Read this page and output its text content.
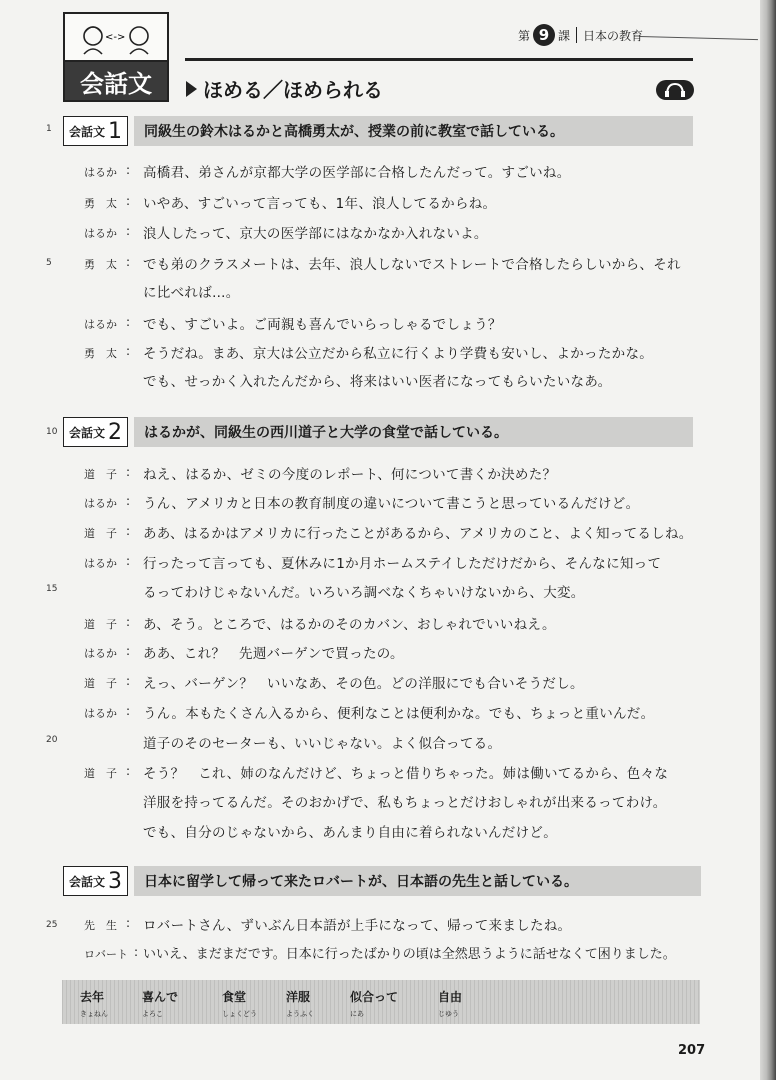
<->
会話文
第 9 課 日本の教育
ほめる／ほめられる
1 会話文 1	同級生の鈴木はるかと高橋勇太が、授業の前に教室で話している。
はるか : 高橋君、弟さんが京都大学の医学部に合格したんだって。すごいね。
勇　太 : いやあ、すごいって言っても、1年、浪人してるからね。
はるか : 浪人したって、京大の医学部にはなかなか入れないよ。
5	勇　太 : でも弟のクラスメートは、去年、浪人しないでストレートで合格したらしいから、それ
に比べれば…。
はるか : でも、すごいよ。ご両親も喜んでいらっしゃるでしょう？
勇　太 : そうだね。まあ、京大は公立だから私立に行くより学費も安いし、よかったかな。
でも、せっかく入れたんだから、将来はいい医者になってもらいたいなあ。
10 会話文 2	はるかが、同級生の西川道子と大学の食堂で話している。
道　子 : ねえ、はるか、ゼミの今度のレポート、何について書くか決めた？
はるか : うん、アメリカと日本の教育制度の違いについて書こうと思っているんだけど。
道　子 : ああ、はるかはアメリカに行ったことがあるから、アメリカのこと、よく知ってるしね。
はるか : 行ったって言っても、夏休みに1か月ホームステイしただけだから、そんなに知って
15	るってわけじゃないんだ。いろいろ調べなくちゃいけないから、大変。
道　子 : あ、そう。ところで、はるかのそのカバン、おしゃれでいいねえ。
はるか : ああ、これ？　先週バーゲンで買ったの。
道　子 : えっ、バーゲン？　いいなあ、その色。どの洋服にでも合いそうだし。
はるか : うん。本もたくさん入るから、便利なことは便利かな。でも、ちょっと重いんだ。
20	道子のそのセーターも、いいじゃない。よく似合ってる。
道　子 : そう？　これ、姉のなんだけど、ちょっと借りちゃった。姉は働いてるから、色々な
洋服を持ってるんだ。そのおかげで、私もちょっとだけおしゃれが出来るってわけ。
でも、自分のじゃないから、あんまり自由に着られないんだけど。
会話文 3	日本に留学して帰って来たロバートが、日本語の先生と話している。
25 先　生 : ロバートさん、ずいぶん日本語が上手になって、帰って来ましたね。
ロバート : いいえ、まだまだです。日本に行ったばかりの頃は全然思うように話せなくて困りました。
去年
きょねん
喜んで
よろこ
食堂
しょくどう
洋服
ようふく
似合って
にあ
自由
じゆう
207
